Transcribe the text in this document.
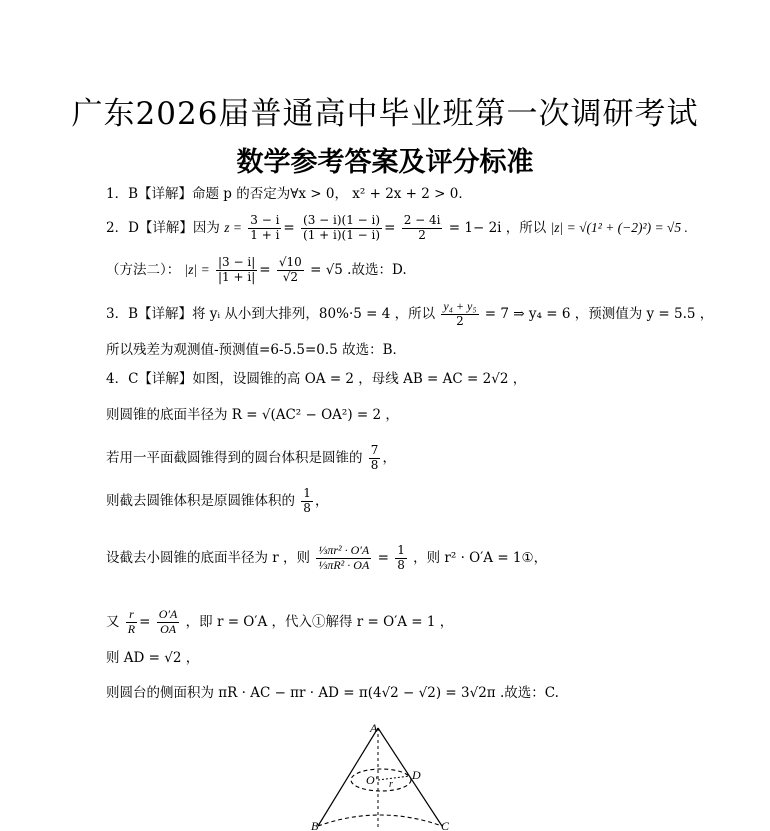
广东2026届普通高中毕业班第一次调研考试
数学参考答案及评分标准
1．B【详解】命题 p 的否定为∀x > 0， x² + 2x + 2 > 0．
2．D【详解】因为 $z = \frac{3 - i}{1 + i} = \frac{(3 - i)(1 - i)}{(1 + i)(1 - i)} = \frac{2 - 4i}{2} = 1- 2i$ ，所以 |z| = √(1² + (−2)²) = √5 .
（方法二）： $|z| = \frac{|3 - i|}{|1 + i|} = \frac{√10}{√2} = √5$ .故选：D.
3．B【详解】将 yᵢ 从小到大排列，80%·5 = 4 ，所以 $\frac{\text{y₄ + y₅}}{2} = 7$ ⇒ y₄ = 6 ，预测值为 y = 5.5 ，
所以残差为观测值-预测值=6-5.5=0.5 故选：B．
4．C【详解】如图，设圆锥的高 OA = 2 ，母线 AB = AC = 2√2 ，
则圆锥的底面半径为 R = √(AC² − OA²) = 2 ，
若用一平面截圆锥得到的圆台体积是圆锥的 $\frac{7}{8}$ ，
则截去圆锥体积是原圆锥体积的 $\frac{1}{8}$ ，
设截去小圆锥的底面半径为 r ，则 $\frac{\text{⅓πr² · O′A}}{\text{⅓πR² · OA}} = \frac{1}{8}$ ，则 r² · O′A = 1①，
又 $\frac{r}{R} = \frac{O'A}{OA}$ ，即 r = O′A ，代入①解得 r = O′A = 1 ，
则 AD = √2 ，
则圆台的侧面积为 πR · AC − πr · AD = π(4√2 − √2) = 3√2π .故选：C.
A
O' r
D
B	C
